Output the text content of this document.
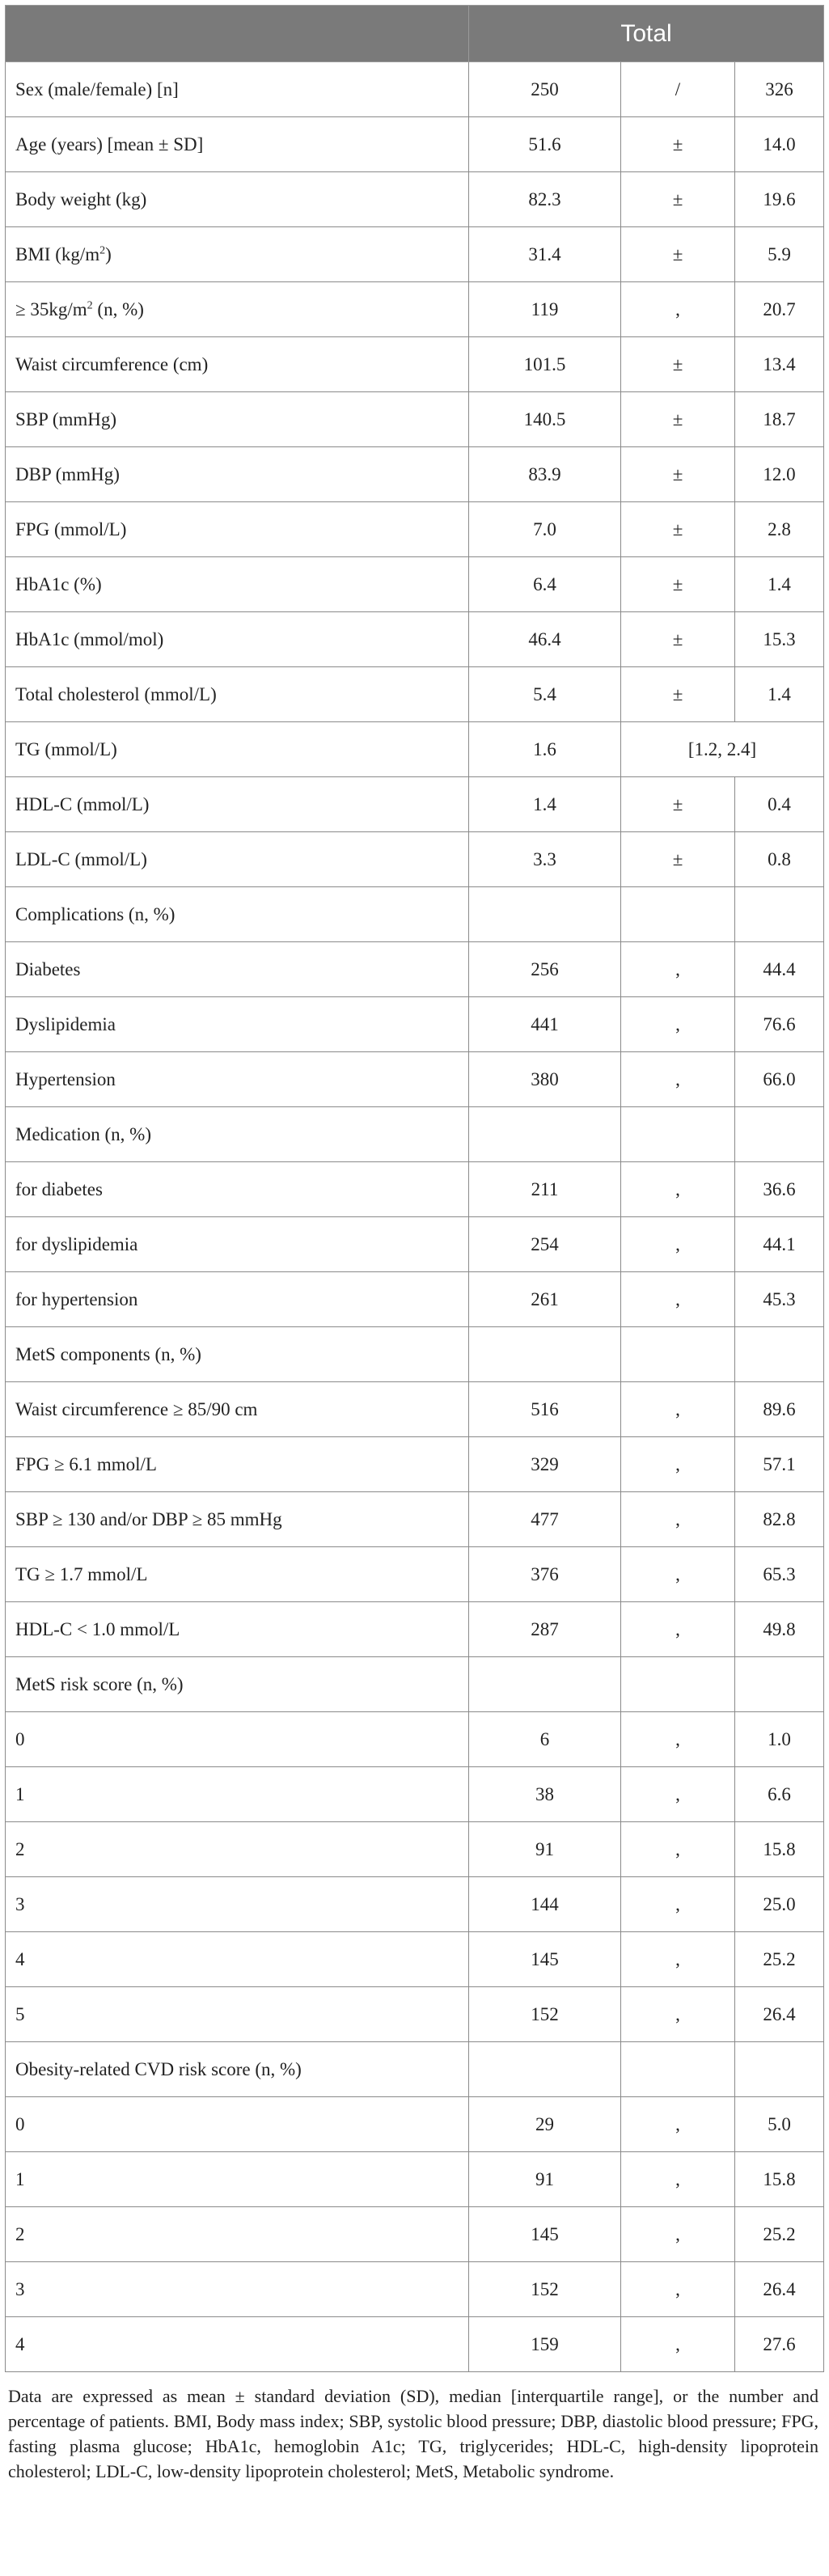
	Total		
Sex (male/female) [n]	250	/	326
Age (years) [mean ± SD]	51.6	±	14.0
Body weight (kg)	82.3	±	19.6
BMI $(kg/m^2)$	31.4	±	5.9
≥ $35kg/m^2$ (n, %)	119	,	20.7
Waist circumference (cm)	101.5	±	13.4
SBP (mmHg)	140.5	±	18.7
DBP (mmHg)	83.9	±	12.0
FPG (mmol/L)	7.0	±	2.8
HbA1c (%)	6.4	±	1.4
HbA1c (mmol/mol)	46.4	±	15.3
Total cholesterol (mmol/L)	5.4	±	1.4
TG (mmol/L)	1.6	[1.2, 2.4]	
HDL-C (mmol/L)	1.4	±	0.4
LDL-C (mmol/L)	3.3	±	0.8
Complications (n, %)			
Diabetes	256	,	44.4
Dyslipidemia	441	,	76.6
Hypertension	380	,	66.0
Medication (n, %)			
for diabetes	211	,	36.6
for dyslipidemia	254	,	44.1
for hypertension	261	,	45.3
MetS components (n, %)			
Waist circumference ≥ 85/90 cm	516	,	89.6
FPG ≥ 6.1 mmol/L	329	,	57.1
SBP ≥ 130 and/or DBP ≥ 85 mmHg	477	,	82.8
TG ≥ 1.7 mmol/L	376	,	65.3
HDL-C < 1.0 mmol/L	287	,	49.8
MetS risk score (n, %)			
0	6	,	1.0
1	38	,	6.6
2	91	,	15.8
3	144	,	25.0
4	145	,	25.2
5	152	,	26.4
Obesity-related CVD risk score (n, %)			
0	29	,	5.0
1	91	,	15.8
2	145	,	25.2
3	152	,	26.4
4	159	,	27.6
Data are expressed as mean ± standard deviation (SD), median [interquartile range], or the number and percentage of patients. BMI, Body mass index; SBP, systolic blood pressure; DBP, diastolic blood pressure; FPG, fasting plasma glucose; HbA1c, hemoglobin A1c; TG, triglycerides; HDL-C, high-density lipoprotein cholesterol; LDL-C, low-density lipoprotein cholesterol; MetS, Metabolic syndrome.
